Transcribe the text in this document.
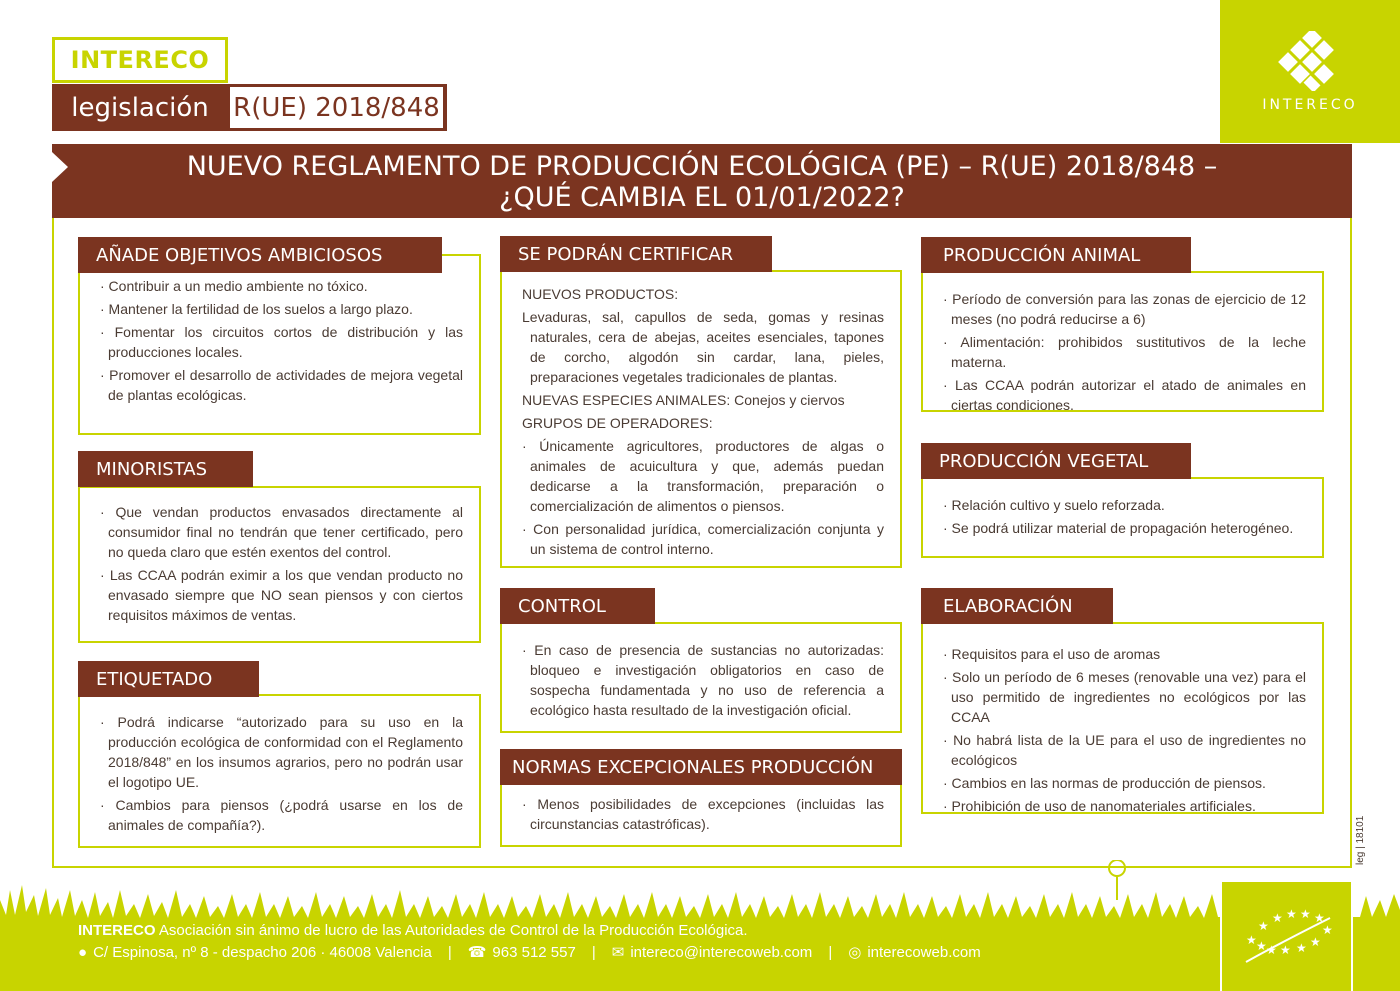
INTERECO
legislación R(UE) 2018/848	INTERECO
NUEVO REGLAMENTO DE PRODUCCIÓN ECOLÓGICA (PE) – R(UE) 2018/848 –
¿QUÉ CAMBIA EL 01/01/2022?

· Contribuir a un medio ambiente no tóxico.

· Mantener la fertilidad de los suelos a largo plazo.

· Fomentar los circuitos cortos de distribución y las producciones locales.

· Promover el desarrollo de actividades de mejora vegetal de plantas ecológicas.

AÑADE OBJETIVOS AMBICIOSOS

· Que vendan productos envasados directamente al consumidor final no tendrán que tener certificado, pero no queda claro que estén exentos del control.

· Las CCAA podrán eximir a los que vendan producto no envasado siempre que NO sean piensos y con ciertos requisitos máximos de ventas.

MINORISTAS

· Podrá indicarse “autorizado para su uso en la producción ecológica de conformidad con el Reglamento 2018/848” en los insumos agrarios, pero no podrán usar el logotipo UE.

· Cambios para piensos (¿podrá usarse en los de animales de compañía?).

ETIQUETADO

NUEVOS PRODUCTOS:

Levaduras, sal, capullos de seda, gomas y resinas naturales, cera de abejas, aceites esenciales, tapones de corcho, algodón sin cardar, lana, pieles, preparaciones vegetales tradicionales de plantas.

NUEVAS ESPECIES ANIMALES: Conejos y ciervos

GRUPOS DE OPERADORES:

· Únicamente agricultores, productores de algas o animales de acuicultura y que, además puedan dedicarse a la transformación, preparación o comercialización de alimentos o piensos.

· Con personalidad jurídica, comercialización conjunta y un sistema de control interno.

SE PODRÁN CERTIFICAR

· En caso de presencia de sustancias no autorizadas: bloqueo e investigación obligatorios en caso de sospecha fundamentada y no uso de referencia a ecológico hasta resultado de la investigación oficial.

CONTROL

· Menos posibilidades de excepciones (incluidas las circunstancias catastróficas).

NORMAS EXCEPCIONALES PRODUCCIÓN

· Período de conversión para las zonas de ejercicio de 12 meses (no podrá reducirse a 6)

· Alimentación: prohibidos sustitutivos de la leche materna.

· Las CCAA podrán autorizar el atado de animales en ciertas condiciones.

PRODUCCIÓN ANIMAL

· Relación cultivo y suelo reforzada.

· Se podrá utilizar material de propagación heterogéneo.

PRODUCCIÓN VEGETAL

· Requisitos para el uso de aromas

· Solo un período de 6 meses (renovable una vez) para el uso permitido de ingredientes no ecológicos por las CCAA

· No habrá lista de la UE para el uso de ingredientes no ecológicos

· Cambios en las normas de producción de piensos.

· Prohibición de uso de nanomateriales artificiales.

ELABORACIÓN
leg | 18101
INTERECO Asociación sin ánimo de lucro de las Autoridades de Control de la Producción Ecológica.
● C/ Espinosa, nº 8 - despacho 206 · 46008 Valencia | ☎ 963 512 557 | ✉ intereco@interecoweb.com | ◎ interecoweb.com
★
★
★ ★ ★ ★
★
★
★
★
★
★
